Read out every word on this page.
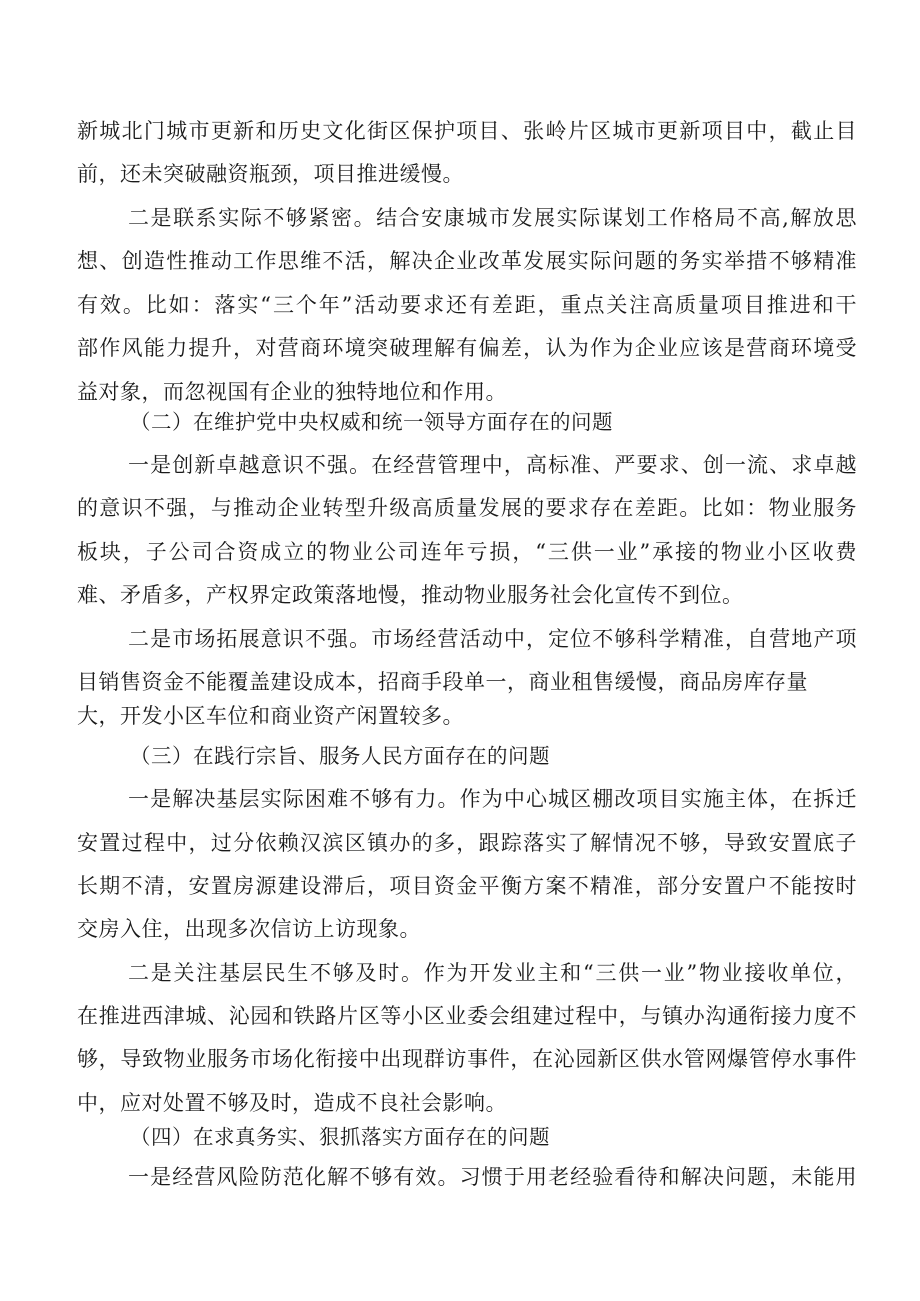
新城北门城市更新和历史文化街区保护项目、张岭片区城市更新项目中，截止目
前，还未突破融资瓶颈，项目推进缓慢。
二是联系实际不够紧密。结合安康城市发展实际谋划工作格局不高,解放思
想、创造性推动工作思维不活，解决企业改革发展实际问题的务实举措不够精准
有效。比如：落实“三个年”活动要求还有差距，重点关注高质量项目推进和干
部作风能力提升，对营商环境突破理解有偏差，认为作为企业应该是营商环境受
益对象，而忽视国有企业的独特地位和作用。
（二）在维护党中央权威和统一领导方面存在的问题
一是创新卓越意识不强。在经营管理中，高标准、严要求、创一流、求卓越
的意识不强，与推动企业转型升级高质量发展的要求存在差距。比如：物业服务
板块，子公司合资成立的物业公司连年亏损，“三供一业”承接的物业小区收费
难、矛盾多，产权界定政策落地慢，推动物业服务社会化宣传不到位。
二是市场拓展意识不强。市场经营活动中，定位不够科学精准，自营地产项
目销售资金不能覆盖建设成本，招商手段单一，商业租售缓慢，商品房库存量
大，开发小区车位和商业资产闲置较多。
（三）在践行宗旨、服务人民方面存在的问题
一是解决基层实际困难不够有力。作为中心城区棚改项目实施主体，在拆迁
安置过程中，过分依赖汉滨区镇办的多，跟踪落实了解情况不够，导致安置底子
长期不清，安置房源建设滞后，项目资金平衡方案不精准，部分安置户不能按时
交房入住，出现多次信访上访现象。
二是关注基层民生不够及时。作为开发业主和“三供一业”物业接收单位，
在推进西津城、沁园和铁路片区等小区业委会组建过程中，与镇办沟通衔接力度不
够，导致物业服务市场化衔接中出现群访事件，在沁园新区供水管网爆管停水事件
中，应对处置不够及时，造成不良社会影响。
（四）在求真务实、狠抓落实方面存在的问题
一是经营风险防范化解不够有效。习惯于用老经验看待和解决问题，未能用
